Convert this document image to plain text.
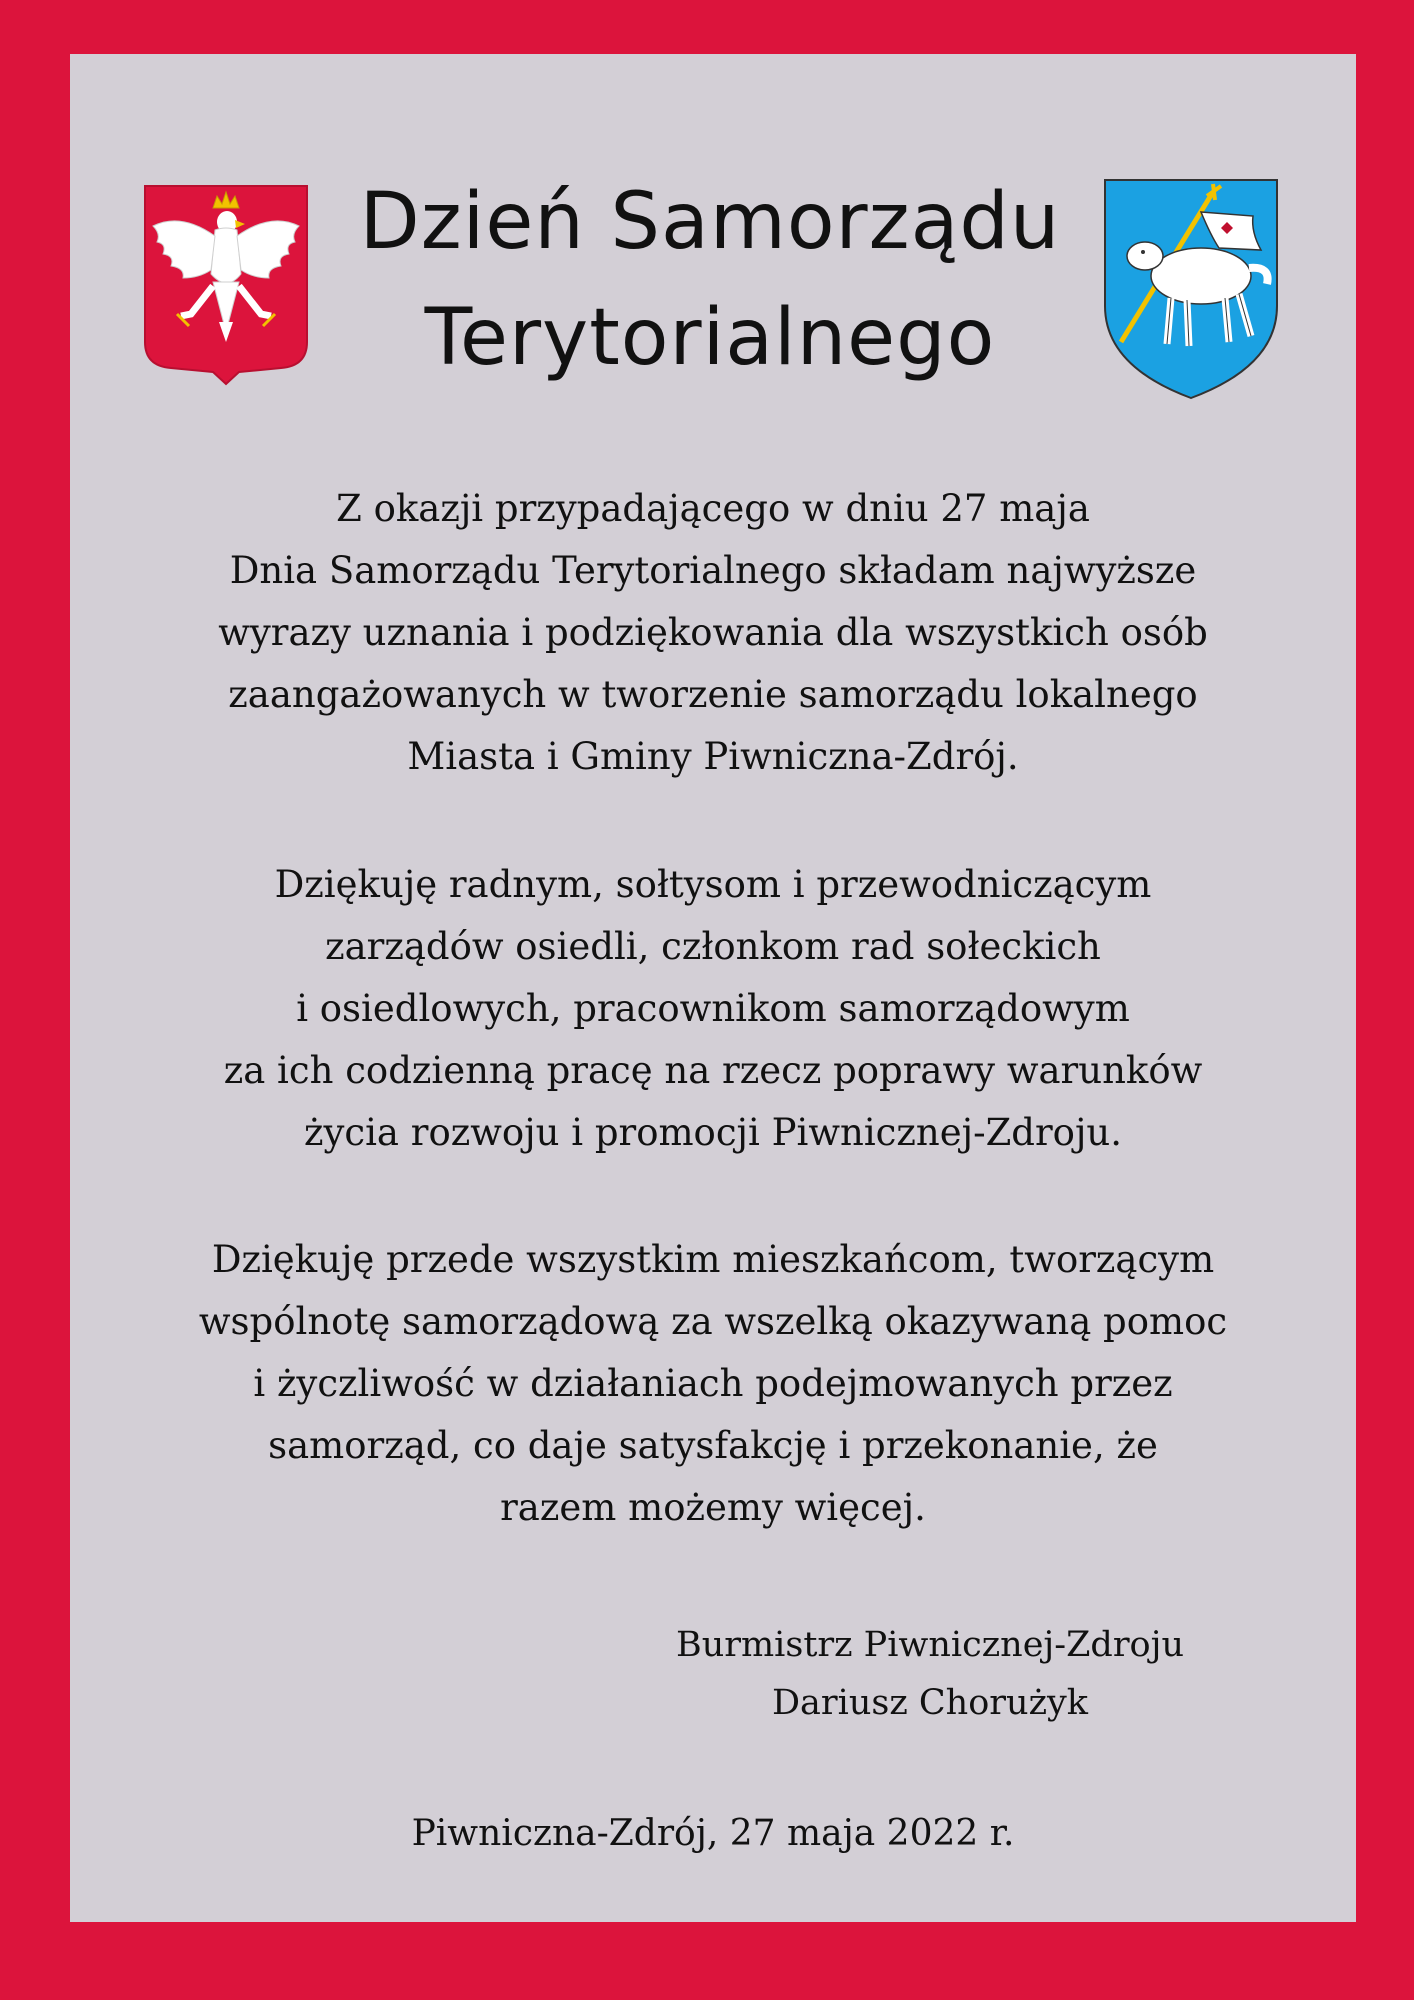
Dzień Samorządu
Terytorialnego

Z okazji przypadającego w dniu 27 maja
Dnia Samorządu Terytorialnego składam najwyższe
wyrazy uznania i podziękowania dla wszystkich osób
zaangażowanych w tworzenie samorządu lokalnego
Miasta i Gminy Piwniczna-Zdrój.

Dziękuję radnym, sołtysom i przewodniczącym
zarządów osiedli, członkom rad sołeckich
i osiedlowych, pracownikom samorządowym
za ich codzienną pracę na rzecz poprawy warunków
życia rozwoju i promocji Piwnicznej-Zdroju.

Dziękuję przede wszystkim mieszkańcom, tworzącym
wspólnotę samorządową za wszelką okazywaną pomoc
i życzliwość w działaniach podejmowanych przez
samorząd, co daje satysfakcję i przekonanie, że
razem możemy więcej.

Burmistrz Piwnicznej-Zdroju
Dariusz Chorużyk
Piwniczna-Zdrój, 27 maja 2022 r.
